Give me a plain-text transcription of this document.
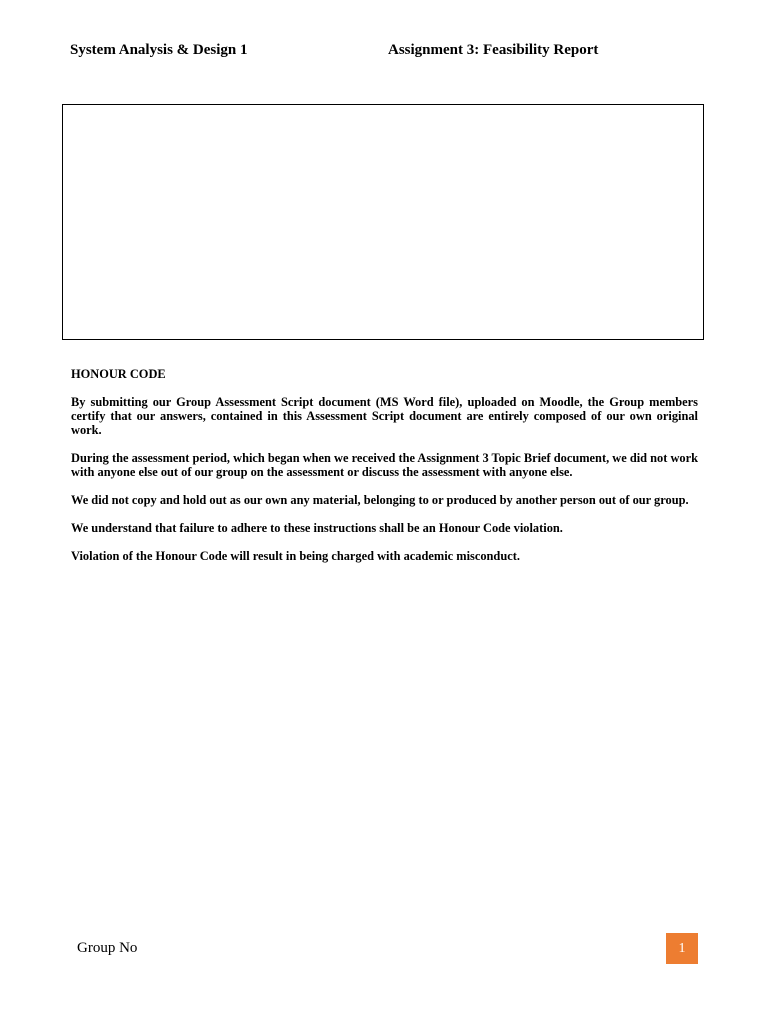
System Analysis & Design 1	Assignment 3: Feasibility Report
HONOUR CODE

By submitting our Group Assessment Script document (MS Word file), uploaded on Moodle, the Group members certify that our answers, contained in this Assessment Script document are entirely composed of our own original work.

During the assessment period, which began when we received the Assignment 3 Topic Brief document, we did not work with anyone else out of our group on the assessment or discuss the assessment with anyone else.

We did not copy and hold out as our own any material, belonging to or produced by another person out of our group.

We understand that failure to adhere to these instructions shall be an Honour Code violation.

Violation of the Honour Code will result in being charged with academic misconduct.

Group No	1
